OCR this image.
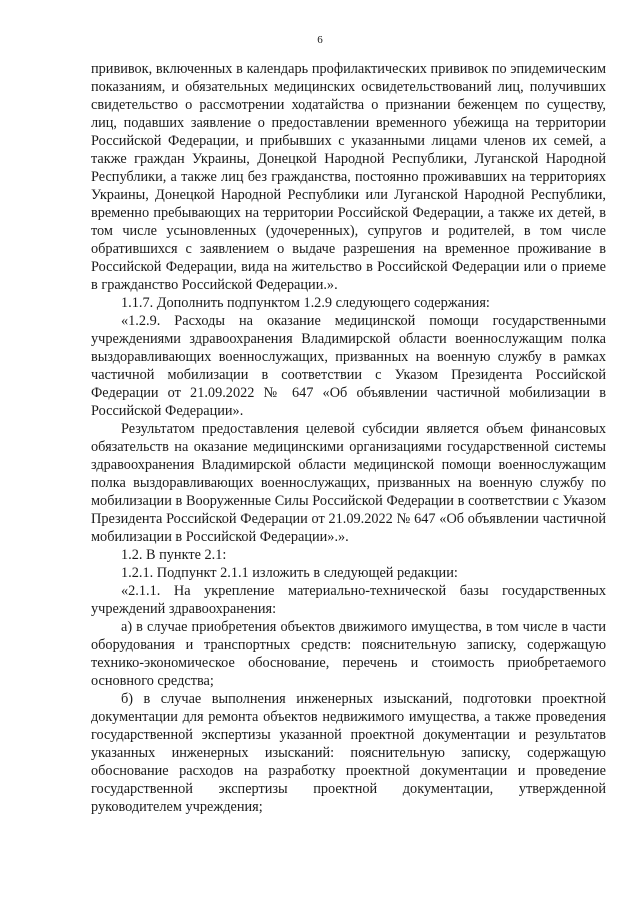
6

прививок, включенных в календарь профилактических прививок по эпидемическим показаниям, и обязательных медицинских освидетельствований лиц, получивших свидетельство о рассмотрении ходатайства о признании беженцем по существу, лиц, подавших заявление о предоставлении временного убежища на территории Российской Федерации, и прибывших с указанными лицами членов их семей, а также граждан Украины, Донецкой Народной Республики, Луганской Народной Республики, а также лиц без гражданства, постоянно проживавших на территориях Украины, Донецкой Народной Республики или Луганской Народной Республики, временно пребывающих на территории Российской Федерации, а также их детей, в том числе усыновленных (удочеренных), супругов и родителей, в том числе обратившихся с заявлением о выдаче разрешения на временное проживание в Российской Федерации, вида на жительство в Российской Федерации или о приеме в гражданство Российской Федерации.».

1.1.7. Дополнить подпунктом 1.2.9 следующего содержания:

«1.2.9. Расходы на оказание медицинской помощи государственными учреждениями здравоохранения Владимирской области военнослужащим полка выздоравливающих военнослужащих, призванных на военную службу в рамках частичной мобилизации в соответствии с Указом Президента Российской Федерации от 21.09.2022 № 647 «Об объявлении частичной мобилизации в Российской Федерации».

Результатом предоставления целевой субсидии является объем финансовых обязательств на оказание медицинскими организациями государственной системы здравоохранения Владимирской области медицинской помощи военнослужащим полка выздоравливающих военнослужащих, призванных на военную службу по мобилизации в Вооруженные Силы Российской Федерации в соответствии с Указом Президента Российской Федерации от 21.09.2022 № 647 «Об объявлении частичной мобилизации в Российской Федерации».».

1.2. В пункте 2.1:

1.2.1. Подпункт 2.1.1 изложить в следующей редакции:

«2.1.1. На укрепление материально-технической базы государственных учреждений здравоохранения:

а) в случае приобретения объектов движимого имущества, в том числе в части оборудования и транспортных средств: пояснительную записку, содержащую технико-экономическое обоснование, перечень и стоимость приобретаемого основного средства;

б) в случае выполнения инженерных изысканий, подготовки проектной документации для ремонта объектов недвижимого имущества, а также проведения государственной экспертизы указанной проектной документации и результатов указанных инженерных изысканий: пояснительную записку, содержащую обоснование расходов на разработку проектной документации и проведение государственной экспертизы проектной документации, утвержденной руководителем учреждения;
